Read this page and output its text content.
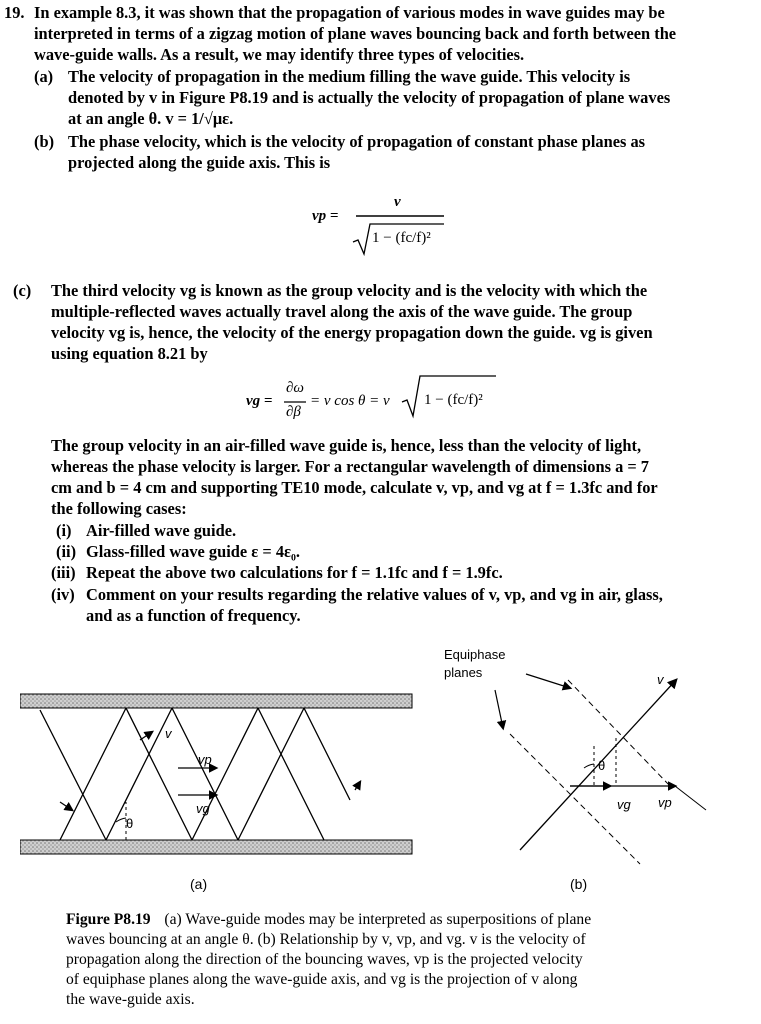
19. In example 8.3, it was shown that the propagation of various modes in wave guides may be
interpreted in terms of a zigzag motion of plane waves bouncing back and forth between the
wave-guide walls. As a result, we may identify three types of velocities.
(a) The velocity of propagation in the medium filling the wave guide. This velocity is
denoted by v in Figure P8.19 and is actually the velocity of propagation of plane waves
at an angle θ. v = 1/√με.
(b) The phase velocity, which is the velocity of propagation of constant phase planes as
projected along the guide axis. This is
vp =
v
1 − (fc/f)²
(c) The third velocity vg is known as the group velocity and is the velocity with which the
multiple-reflected waves actually travel along the axis of the wave guide. The group
velocity vg is, hence, the velocity of the energy propagation down the guide. vg is given
using equation 8.21 by
vg =
∂ω
∂β
= v cos θ = v 1 − (fc/f)²
The group velocity in an air-filled wave guide is, hence, less than the velocity of light,
whereas the phase velocity is larger. For a rectangular wavelength of dimensions a = 7
cm and b = 4 cm and supporting TE10 mode, calculate v, vp, and vg at f = 1.3fc and for
the following cases:
(i) Air-filled wave guide.
(ii) Glass-filled wave guide ε = 4ε₀.
(iii) Repeat the above two calculations for f = 1.1fc and f = 1.9fc.
(iv) Comment on your results regarding the relative values of v, vp, and vg in air, glass,
and as a function of frequency.
v
vp
vg
θ
Equiphase
planes	v
θ
vg vp
(a)	(b)
Figure P8.19 (a) Wave-guide modes may be interpreted as superpositions of plane
waves bouncing at an angle θ. (b) Relationship by v, vp, and vg. v is the velocity of
propagation along the direction of the bouncing waves, vp is the projected velocity
of equiphase planes along the wave-guide axis, and vg is the projection of v along
the wave-guide axis.
